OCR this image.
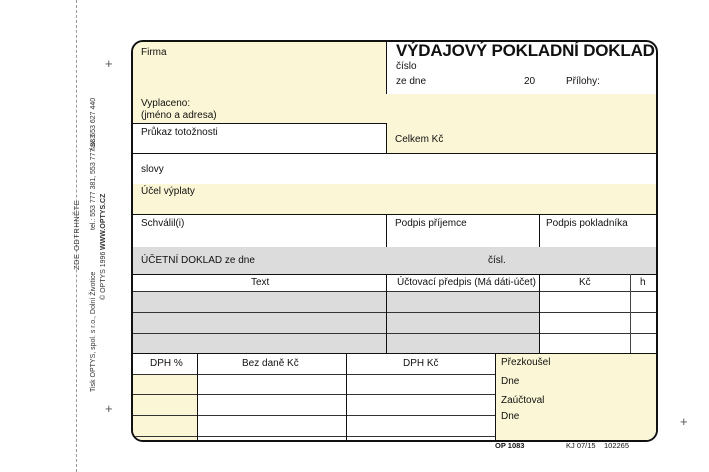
+
+
+
ZDE ODTRHNĚTE
Tisk OPTYS, spol. s r.o., Dolní Životice
tel.: 553 777 381, 553 777 333
fax: 553 627 440
© OPTYS 1996
WWW.OPTYS.CZ
Firma	VÝDAJOVÝ POKLADNÍ DOKLAD
číslo
ze dne	20	Přílohy:
Vyplaceno:
(jméno a adresa)
Průkaz totožnosti
Celkem Kč
slovy
Účel výplaty
Schválil(i)	Podpis příjemce	Podpis pokladníka
ÚČETNÍ DOKLAD ze dne	čísl.
Text	Účtovací předpis (Má dáti-účet)	Kč	h
DPH %	Bez daně Kč	DPH Kč	Přezkoušel
Dne
Zaúčtoval
Dne
OP 1083	KJ 07/15 102265
